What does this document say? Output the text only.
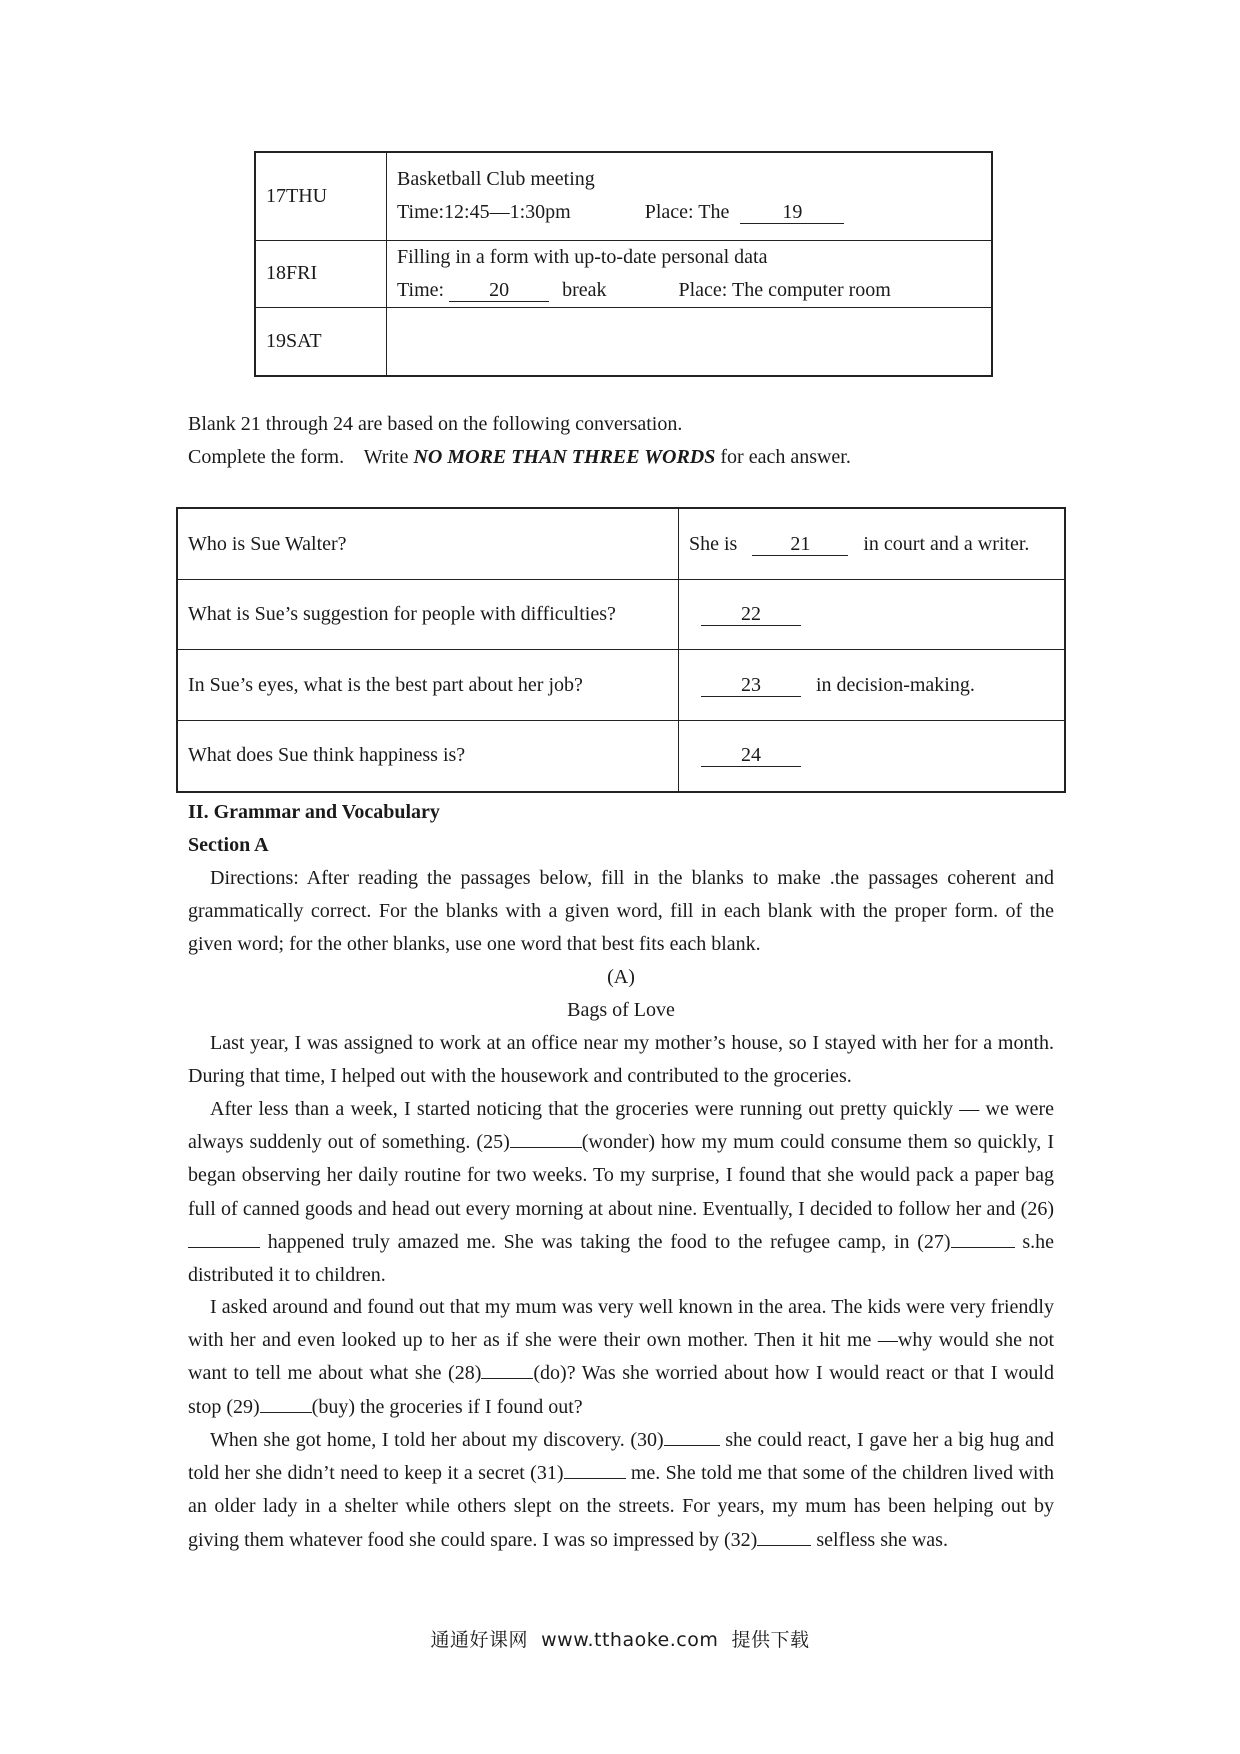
17THU	Basketball Club meeting
Time:12:45—1:30pm Place: The 19

18FRI	Filling in a form with up-to-date personal data
Time: 20 break Place: The computer room

19SAT	
Blank 21 through 24 are based on the following conversation.
Complete the form.    Write NO MORE THAN THREE WORDS for each answer.
Who is Sue Walter?	She is 21 in court and a writer.
What is Sue’s suggestion for people with difficulties?	22
In Sue’s eyes, what is the best part about her job?	23 in decision-making.
What does Sue think happiness is?	24
II. Grammar and Vocabulary
Section A
Directions: After reading the passages below, fill in the blanks to make .the passages coherent and grammatically correct. For the blanks with a given word, fill in each blank with the proper form. of the given word; for the other blanks, use one word that best fits each blank.
(A)
Bags of Love
Last year, I was assigned to work at an office near my mother’s house, so I stayed with her for a month. During that time, I helped out with the housework and contributed to the groceries.
After less than a week, I started noticing that the groceries were running out pretty quickly — we were always suddenly out of something. (25)	(wonder) how my mum could consume them so quickly, I began observing her daily routine for two weeks. To my surprise, I found that she would pack a paper bag full of canned goods and head out every morning at about nine. Eventually, I decided to follow her and (26) happened truly amazed me. She was taking the food to the refugee camp, in (27)	s.he distributed it to children.
I asked around and found out that my mum was very well known in the area. The kids were very friendly with her and even looked up to her as if she were their own mother. Then it hit me —why would she not want to tell me about what she (28)	(do)? Was she worried about how I would react or that I would stop (29)	(buy) the groceries if I found out?
When she got home, I told her about my discovery. (30)	she could react, I gave her a big hug and told her she didn’t need to keep it a secret (31)	me. She told me that some of the children lived with an older lady in a shelter while others slept on the streets. For years, my mum has been helping out by giving them whatever food she could spare. I was so impressed by (32)	selfless she was.
通通好课网  www.tthaoke.com  提供下载
